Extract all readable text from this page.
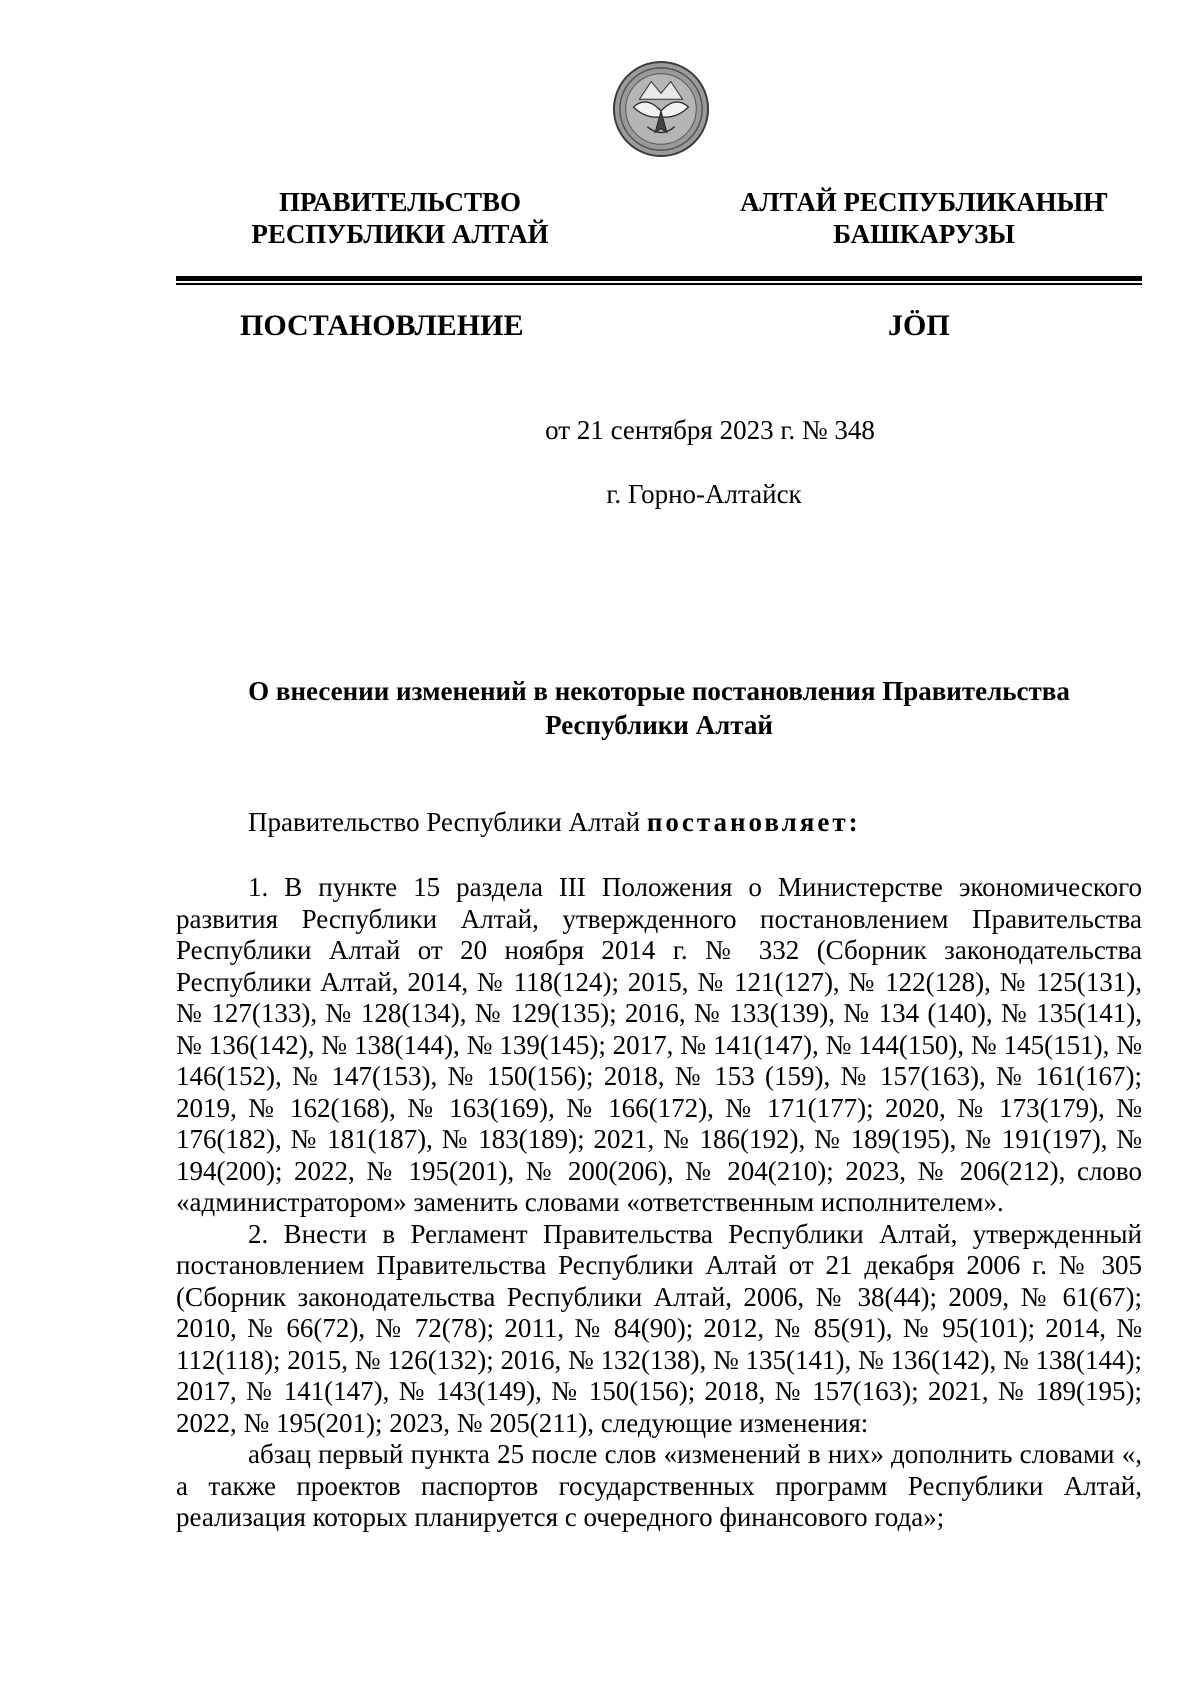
ПРАВИТЕЛЬСТВО
РЕСПУБЛИКИ АЛТАЙ
АЛТАЙ РЕСПУБЛИКАНЫҤ
БАШКАРУЗЫ
ПОСТАНОВЛЕНИЕ	JÖП
от 21 сентября 2023 г. № 348
г. Горно-Алтайск
О внесении изменений в некоторые постановления Правительства
Республики Алтай
Правительство Республики Алтай постановляет:

1. В пункте 15 раздела III Положения о Министерстве экономического развития Республики Алтай, утвержденного постановлением Правительства Республики Алтай от 20 ноября 2014 г. № 332 (Сборник законодательства Республики Алтай, 2014, № 118(124); 2015, № 121(127), № 122(128), № 125(131), № 127(133), № 128(134), № 129(135); 2016, № 133(139), № 134 (140), № 135(141), № 136(142), № 138(144), № 139(145); 2017, № 141(147), № 144(150), № 145(151), № 146(152), № 147(153), № 150(156); 2018, № 153 (159), № 157(163), № 161(167); 2019, № 162(168), № 163(169), № 166(172), № 171(177); 2020, № 173(179), № 176(182), № 181(187), № 183(189); 2021, № 186(192), № 189(195), № 191(197), № 194(200); 2022, № 195(201), № 200(206), № 204(210); 2023, № 206(212), слово «администратором» заменить словами «ответственным исполнителем».

2. Внести в Регламент Правительства Республики Алтай, утвержденный постановлением Правительства Республики Алтай от 21 декабря 2006 г. № 305 (Сборник законодательства Республики Алтай, 2006, № 38(44); 2009, № 61(67); 2010, № 66(72), № 72(78); 2011, № 84(90); 2012, № 85(91), № 95(101); 2014, № 112(118); 2015, № 126(132); 2016, № 132(138), № 135(141), № 136(142), № 138(144); 2017, № 141(147), № 143(149), № 150(156); 2018, № 157(163); 2021, № 189(195); 2022, № 195(201); 2023, № 205(211), следующие изменения:

абзац первый пункта 25 после слов «изменений в них» дополнить словами «, а также проектов паспортов государственных программ Республики Алтай, реализация которых планируется с очередного финансового года»;
